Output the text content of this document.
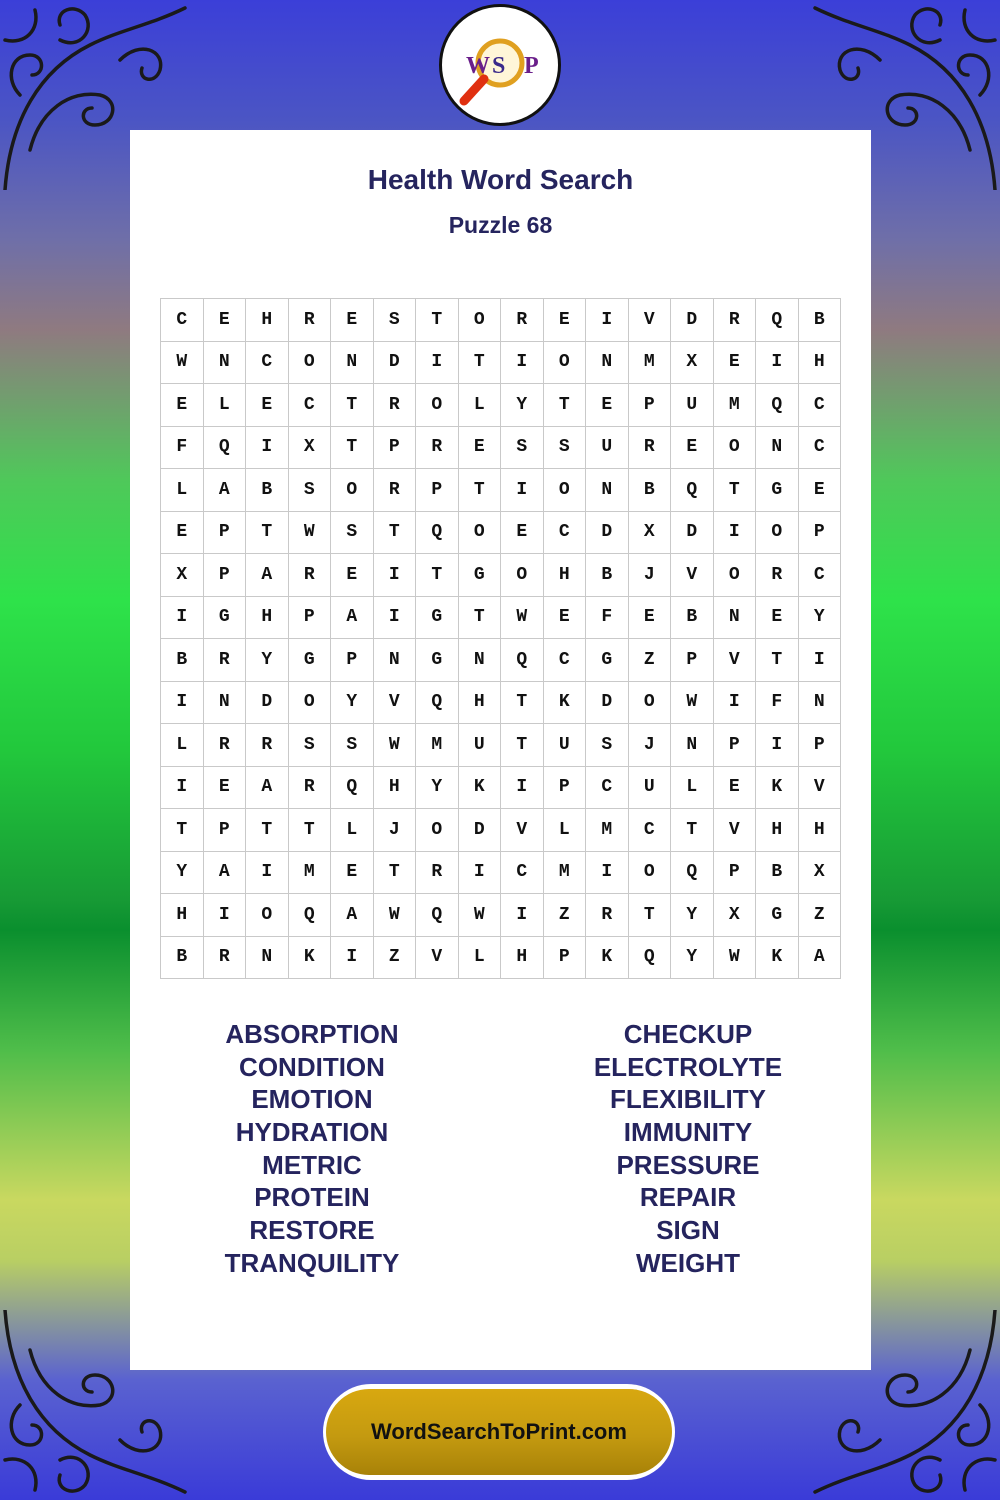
W S P
Health Word Search
Puzzle 68
C	E	H	R	E	S	T	O	R	E	I	V	D	R	Q	B
W	N	C	O	N	D	I	T	I	O	N	M	X	E	I	H
E	L	E	C	T	R	O	L	Y	T	E	P	U	M	Q	C
F	Q	I	X	T	P	R	E	S	S	U	R	E	O	N	C
L	A	B	S	O	R	P	T	I	O	N	B	Q	T	G	E
E	P	T	W	S	T	Q	O	E	C	D	X	D	I	O	P
X	P	A	R	E	I	T	G	O	H	B	J	V	O	R	C
I	G	H	P	A	I	G	T	W	E	F	E	B	N	E	Y
B	R	Y	G	P	N	G	N	Q	C	G	Z	P	V	T	I
I	N	D	O	Y	V	Q	H	T	K	D	O	W	I	F	N
L	R	R	S	S	W	M	U	T	U	S	J	N	P	I	P
I	E	A	R	Q	H	Y	K	I	P	C	U	L	E	K	V
T	P	T	T	L	J	O	D	V	L	M	C	T	V	H	H
Y	A	I	M	E	T	R	I	C	M	I	O	Q	P	B	X
H	I	O	Q	A	W	Q	W	I	Z	R	T	Y	X	G	Z
B	R	N	K	I	Z	V	L	H	P	K	Q	Y	W	K	A
ABSORPTION
CONDITION
EMOTION
HYDRATION
METRIC
PROTEIN
RESTORE
TRANQUILITY
CHECKUP
ELECTROLYTE
FLEXIBILITY
IMMUNITY
PRESSURE
REPAIR
SIGN
WEIGHT
WordSearchToPrint.com
